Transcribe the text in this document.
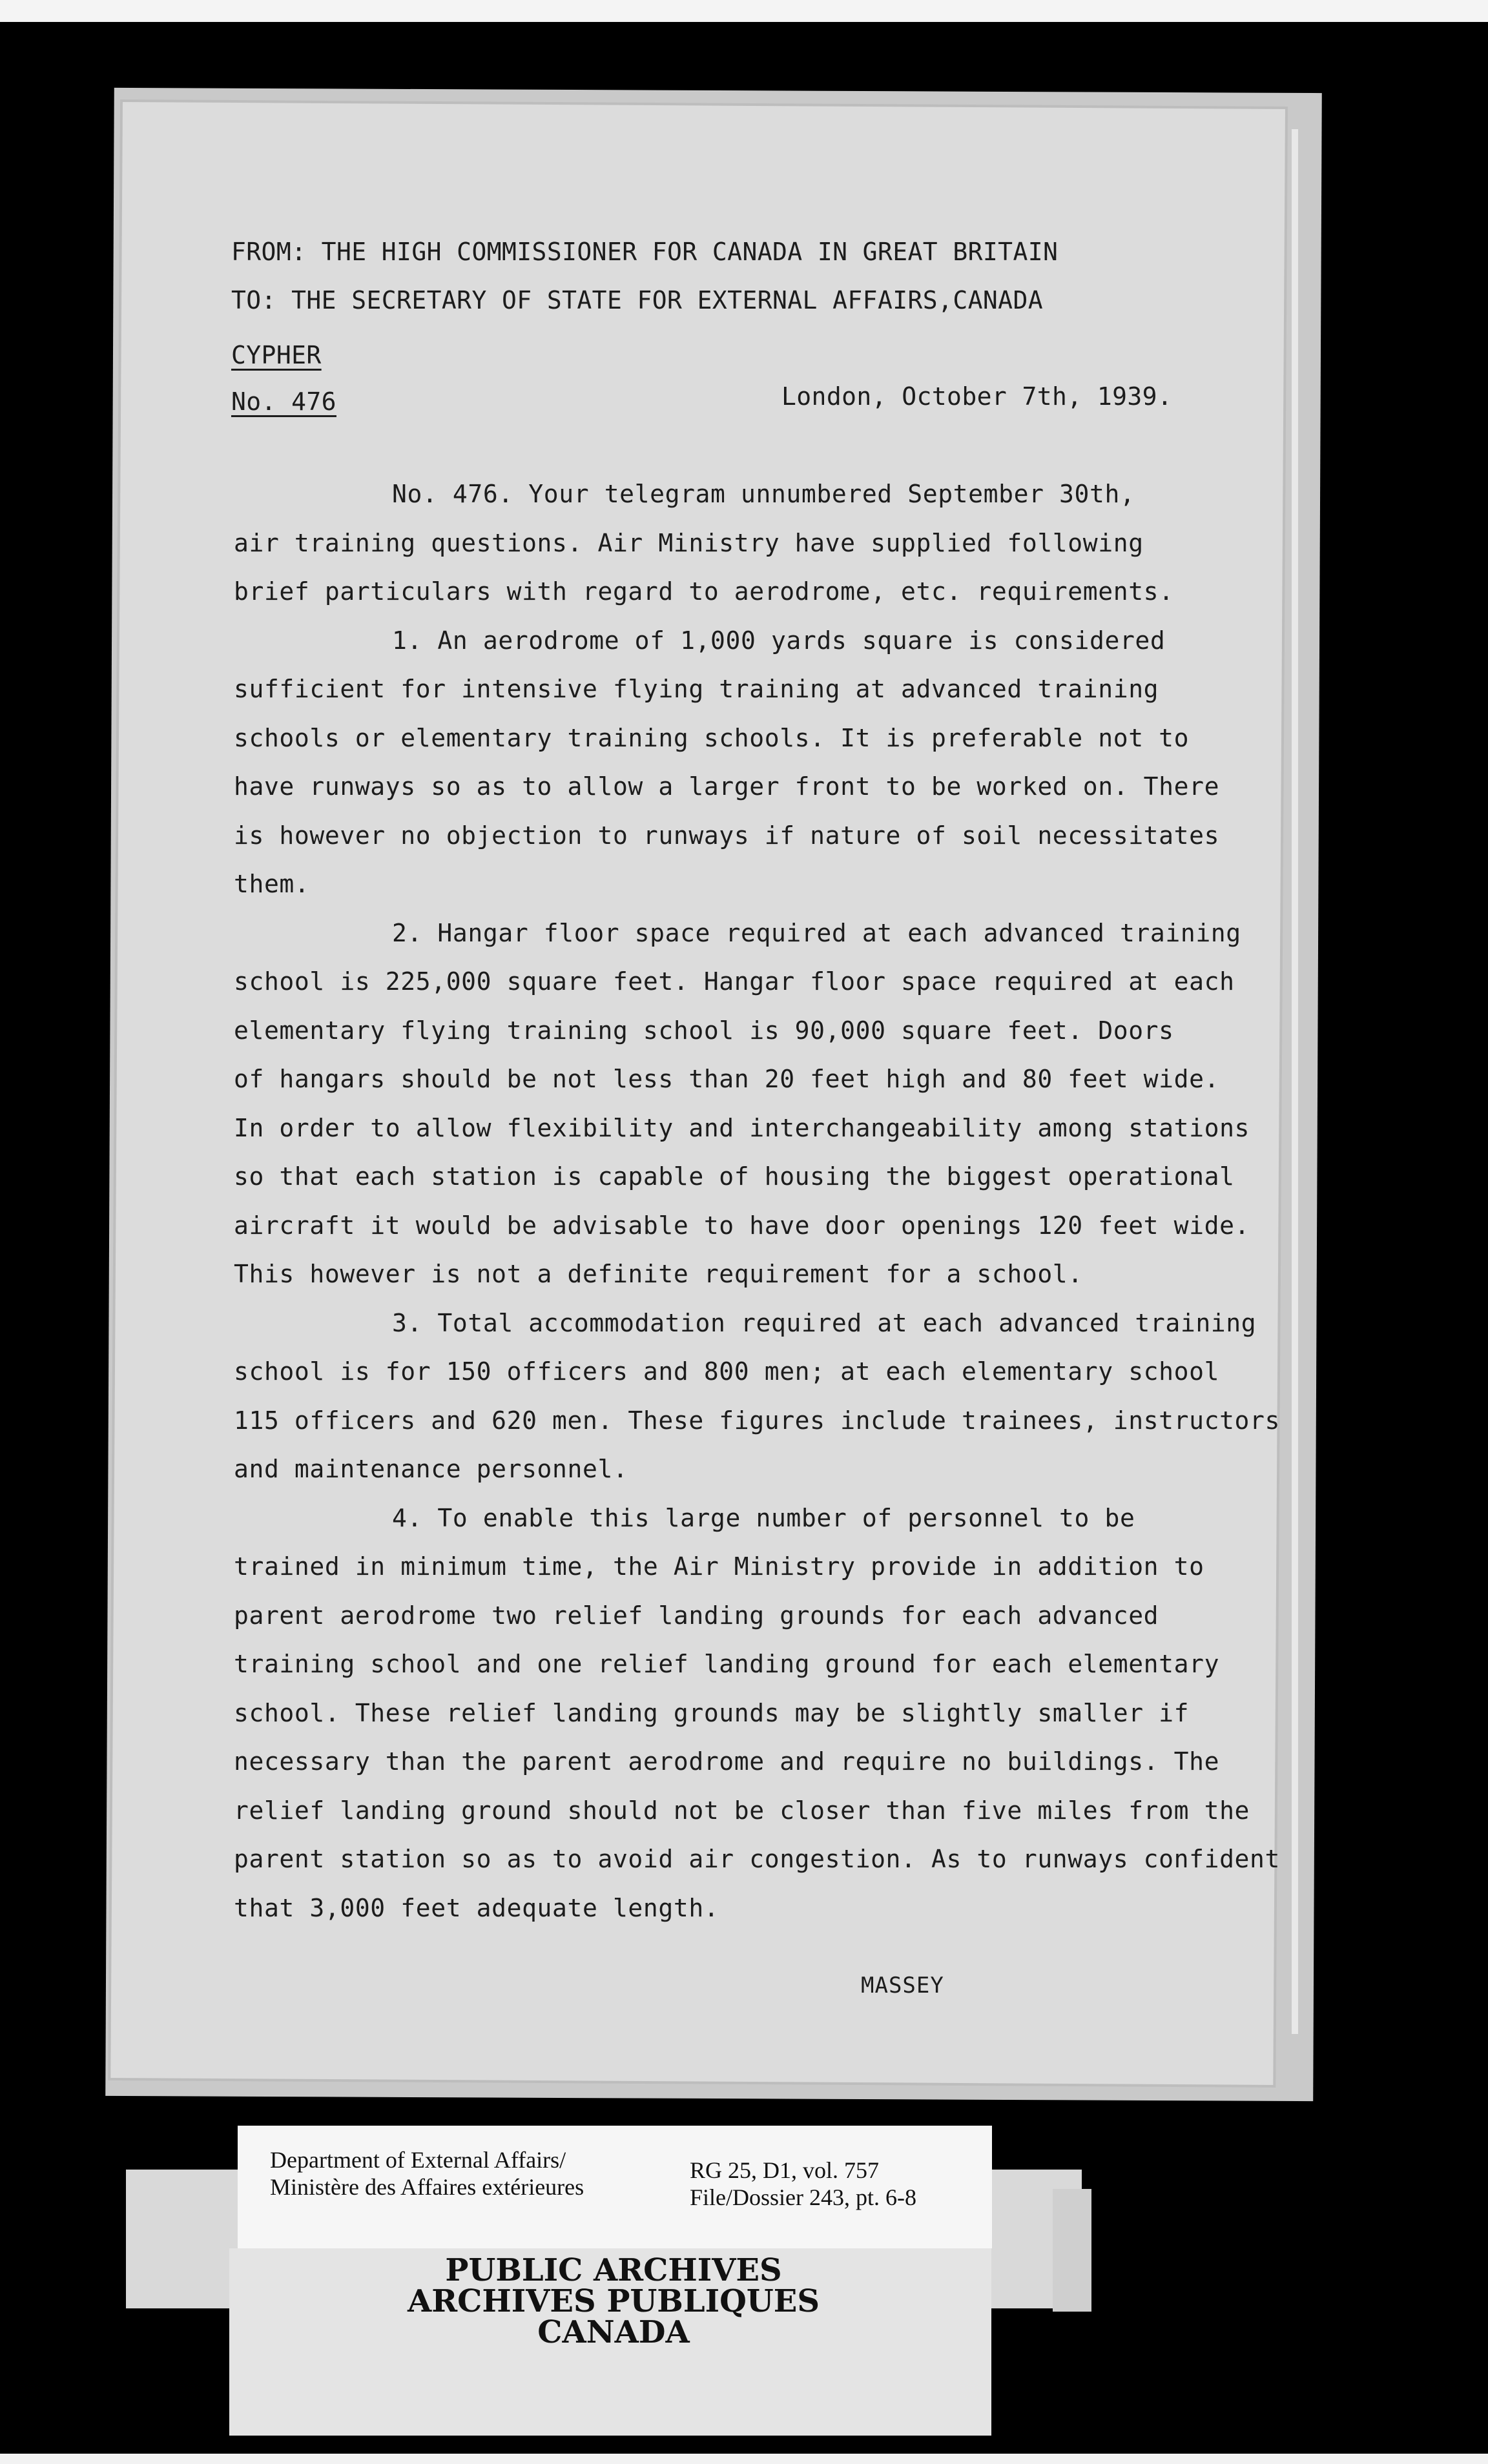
FROM: THE HIGH COMMISSIONER FOR CANADA IN GREAT BRITAIN
TO: THE SECRETARY OF STATE FOR EXTERNAL AFFAIRS,CANADA
CYPHER
No. 476	London, October 7th, 1939.

No. 476. Your telegram unnumbered September 30th,

air training questions. Air Ministry have supplied following

brief particulars with regard to aerodrome, etc. requirements.

1. An aerodrome of 1,000 yards square is considered

sufficient for intensive flying training at advanced training

schools or elementary training schools. It is preferable not to

have runways so as to allow a larger front to be worked on. There

is however no objection to runways if nature of soil necessitates

them.

2. Hangar floor space required at each advanced training

school is 225,000 square feet. Hangar floor space required at each

elementary flying training school is 90,000 square feet. Doors

of hangars should be not less than 20 feet high and 80 feet wide.

In order to allow flexibility and interchangeability among stations

so that each station is capable of housing the biggest operational

aircraft it would be advisable to have door openings 120 feet wide.

This however is not a definite requirement for a school.

3. Total accommodation required at each advanced training

school is for 150 officers and 800 men; at each elementary school

115 officers and 620 men. These figures include trainees, instructors

and maintenance personnel.

4. To enable this large number of personnel to be

trained in minimum time, the Air Ministry provide in addition to

parent aerodrome two relief landing grounds for each advanced

training school and one relief landing ground for each elementary

school. These relief landing grounds may be slightly smaller if

necessary than the parent aerodrome and require no buildings. The

relief landing ground should not be closer than five miles from the

parent station so as to avoid air congestion. As to runways confident

that 3,000 feet adequate length.

MASSEY
Department of External Affairs/
Ministère des Affaires extérieures
RG 25, D1, vol. 757
File/Dossier 243, pt. 6-8
PUBLIC ARCHIVES
ARCHIVES PUBLIQUES
CANADA
